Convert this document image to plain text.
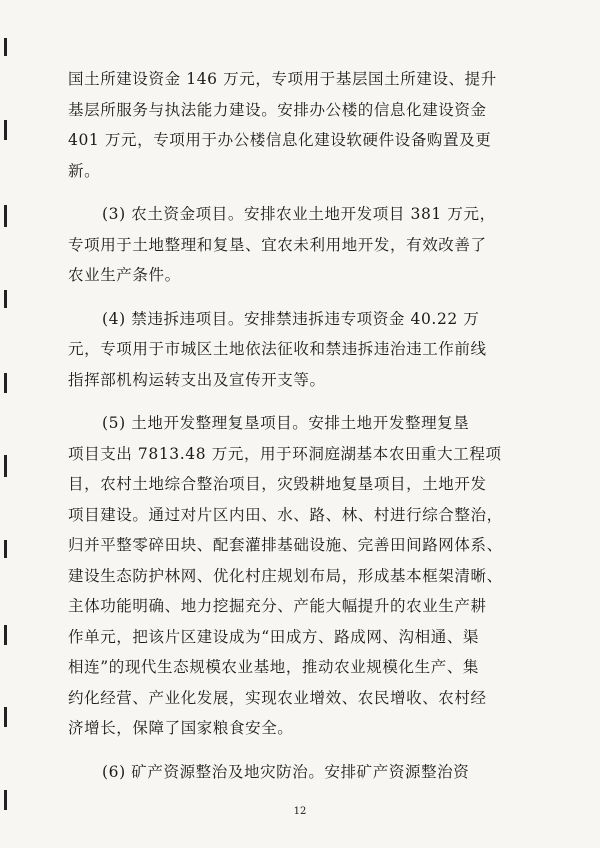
国土所建设资金 146 万元，专项用于基层国土所建设、提升
基层所服务与执法能力建设。安排办公楼的信息化建设资金
401 万元，专项用于办公楼信息化建设软硬件设备购置及更
新。
(3) 农土资金项目。安排农业土地开发项目 381 万元，
专项用于土地整理和复垦、宜农未利用地开发，有效改善了
农业生产条件。
(4) 禁违拆违项目。安排禁违拆违专项资金 40.22 万
元，专项用于市城区土地依法征收和禁违拆违治违工作前线
指挥部机构运转支出及宣传开支等。
(5) 土地开发整理复垦项目。安排土地开发整理复垦
项目支出 7813.48 万元，用于环洞庭湖基本农田重大工程项
目，农村土地综合整治项目，灾毁耕地复垦项目，土地开发
项目建设。通过对片区内田、水、路、林、村进行综合整治，
归并平整零碎田块、配套灌排基础设施、完善田间路网体系、
建设生态防护林网、优化村庄规划布局，形成基本框架清晰、
主体功能明确、地力挖掘充分、产能大幅提升的农业生产耕
作单元，把该片区建设成为“田成方、路成网、沟相通、渠
相连”的现代生态规模农业基地，推动农业规模化生产、集
约化经营、产业化发展，实现农业增效、农民增收、农村经
济增长，保障了国家粮食安全。
(6) 矿产资源整治及地灾防治。安排矿产资源整治资
12
